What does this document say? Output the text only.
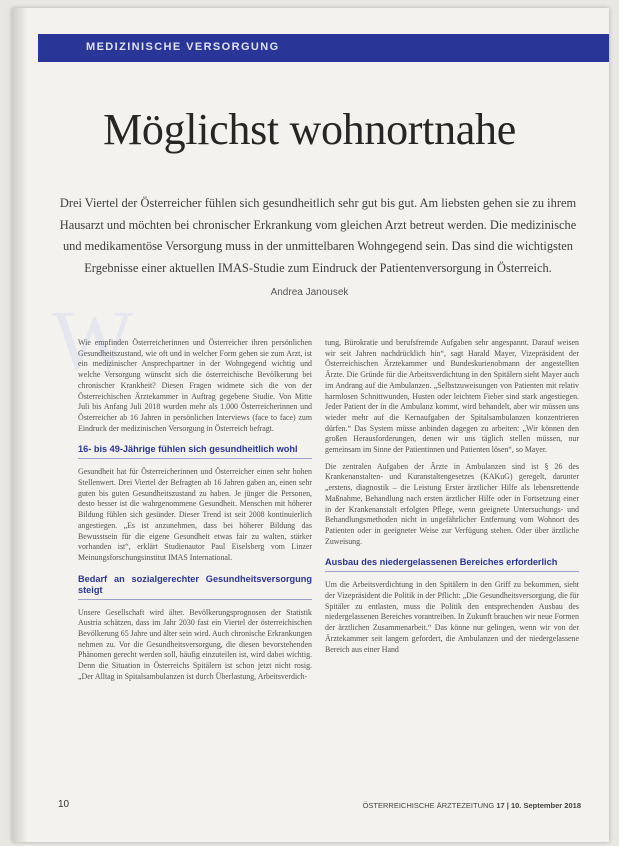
MEDIZINISCHE VERSORGUNG
Möglichst wohnortnahe
Drei Viertel der Österreicher fühlen sich gesundheitlich sehr gut bis gut. Am liebsten gehen sie zu ihrem Hausarzt und möchten bei chronischer Erkrankung vom gleichen Arzt betreut werden. Die medizinische und medikamentöse Versorgung muss in der unmittelbaren Wohngegend sein. Das sind die wichtigsten Ergebnisse einer aktuellen IMAS-Studie zum Eindruck der Patientenversorgung in Österreich.
Andrea Janousek
W

Wie empfinden Österreicherinnen und Österreicher ihren persönlichen Gesundheitszustand, wie oft und in welcher Form gehen sie zum Arzt, ist ein medizinischer Ansprechpartner in der Wohngegend wichtig und welche Versorgung wünscht sich die österreichische Bevölkerung bei chronischer Krankheit? Diesen Fragen widmete sich die von der Österreichischen Ärztekammer in Auftrag gegebene Studie. Von Mitte Juli bis Anfang Juli 2018 wurden mehr als 1.000 Österreicherinnen und Österreicher ab 16 Jahren in persönlichen Interviews (face to face) zum Eindruck der medizinischen Versorgung in Österreich befragt.

16- bis 49-Jährige fühlen sich gesundheitlich wohl

Gesundheit hat für Österreicherinnen und Österreicher einen sehr hohen Stellenwert. Drei Viertel der Befragten ab 16 Jahren gaben an, einen sehr guten bis guten Gesundheitszustand zu haben. Je jünger die Personen, desto besser ist die wahrgenommene Gesundheit. Menschen mit höherer Bildung fühlen sich gesünder. Dieser Trend ist seit 2008 kontinuierlich angestiegen. „Es ist anzunehmen, dass bei höherer Bildung das Bewusstsein für die eigene Gesundheit etwas fair zu walten, stärker vorhanden ist“, erklärt Studienautor Paul Eiselsberg vom Linzer Meinungsforschungsinstitut IMAS International.

Bedarf an sozialgerechter Gesundheitsversorgung steigt

Unsere Gesellschaft wird älter. Bevölkerungsprognosen der Statistik Austria schätzen, dass im Jahr 2030 fast ein Viertel der österreichischen Bevölkerung 65 Jahre und älter sein wird. Auch chronische Erkrankungen nehmen zu. Vor die Gesundheitsversorgung, die diesen bevorstehenden Phänomen gerecht werden soll, häufig einzuteilen ist, wird dabei wichtig. Denn die Situation in Österreichs Spitälern ist schon jetzt nicht rosig. „Der Alltag in Spitalsambulanzen ist durch Überlastung, Arbeitsverdich-

tung, Bürokratie und berufsfremde Aufgaben sehr angespannt. Darauf weisen wir seit Jahren nachdrücklich hin“, sagt Harald Mayer, Vizepräsident der Österreichischen Ärztekammer und Bundeskurienobmann der angestellten Ärzte. Die Gründe für die Arbeitsverdichtung in den Spitälern sieht Mayer auch im Andrang auf die Ambulanzen. „Selbstzuweisungen von Patienten mit relativ harmlosen Schnittwunden, Husten oder leichtem Fieber sind stark angestiegen. Jeder Patient der in die Ambulanz kommt, wird behandelt, aber wir müssen uns wieder mehr auf die Kernaufgaben der Spitalsambulanzen konzentrieren dürfen.“ Das System müsse anbinden dagegen zu arbeiten: „Wir können den großen Herausforderungen, denen wir uns täglich stellen müssen, nur gemeinsam im Sinne der Patientinnen und Patienten lösen“, so Mayer.

Die zentralen Aufgaben der Ärzte in Ambulanzen sind ist § 26 des Krankenanstalten- und Kuranstaltengesetzes (KAKuG) geregelt, darunter „erstens, diagnostik – die Leistung Erster ärztlicher Hilfe als lebensrettende Maßnahme, Behandlung nach ersten ärztlicher Hilfe oder in Fortsetzung einer in der Krankenanstalt erfolgten Pflege, wenn geeignete Untersuchungs- und Behandlungsmethoden nicht in ungefährlicher Entfernung vom Wohnort des Patienten oder in geeigneter Weise zur Verfügung stehen. Oder über ärztliche Zuweisung.

Ausbau des niedergelassenen Bereiches erforderlich

Um die Arbeitsverdichtung in den Spitälern in den Griff zu bekommen, sieht der Vizepräsident die Politik in der Pflicht: „Die Gesundheitsversorgung, die für Spitäler zu entlasten, muss die Politik den entsprechenden Ausbau des niedergelassenen Bereiches vorantreiben. In Zukunft brauchen wir neue Formen der ärztlichen Zusammenarbeit.“ Das könne nur gelingen, wenn wir von der Ärztekammer seit langem gefordert, die Ambulanzen und der niedergelassene Bereich aus einer Hand

10	ÖSTERREICHISCHE ÄRZTEZEITUNG 17 | 10. September 2018
